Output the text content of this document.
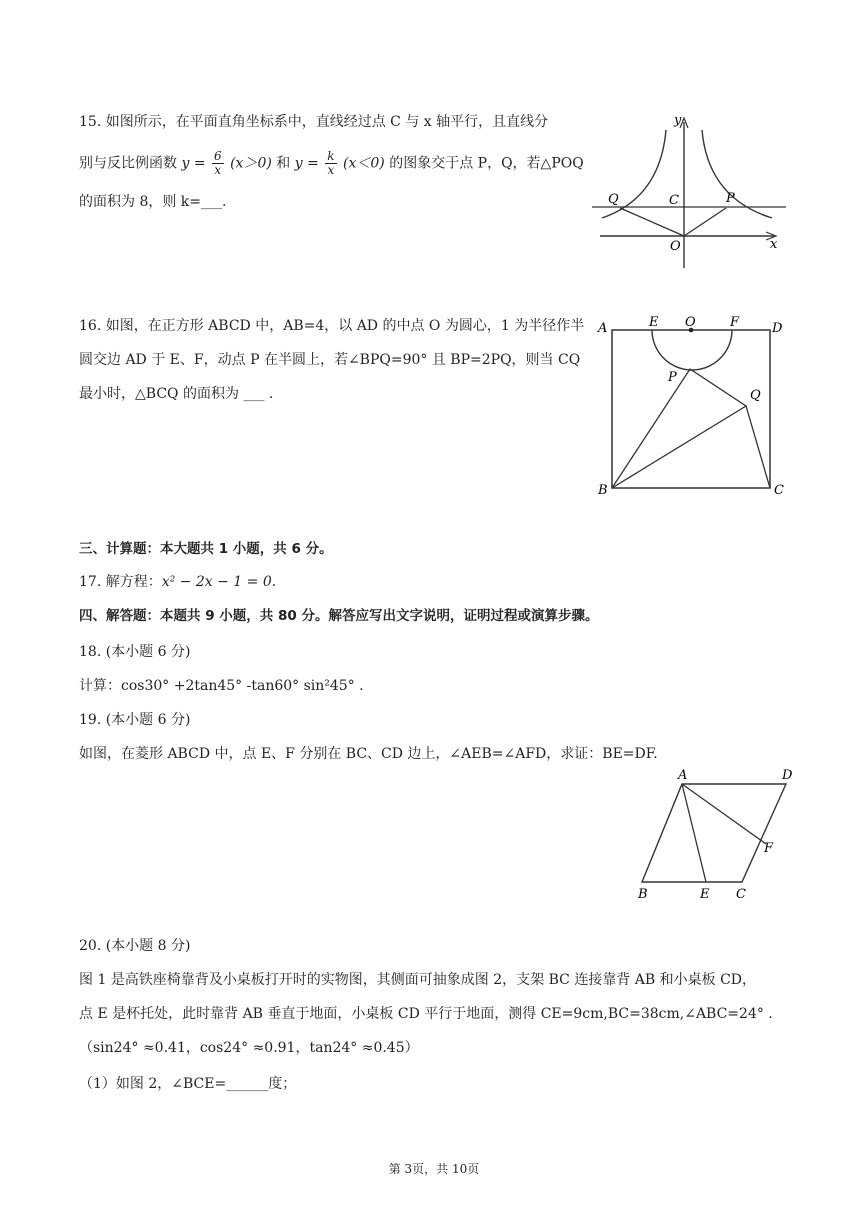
15. 如图所示，在平面直角坐标系中，直线经过点 C 与 x 轴平行，且直线分
别与反比例函数 $y = \frac{6}{x} (x>0)$ 和 $y = \frac{k}{x} (x<0)$ 的图象交于点 P，Q，若△POQ
的面积为 8，则 k=___.
y
x
Q	C	P
O
16. 如图，在正方形 ABCD 中，AB=4，以 AD 的中点 O 为圆心，1 为半径作半
圆交边 AD 于 E、F，动点 P 在半圆上，若∠BPQ=90° 且 BP=2PQ，则当 CQ
最小时，△BCQ 的面积为 ___ .
A	E O	F	D
P
Q
B	C
三、计算题：本大题共 1 小题，共 6 分。
17. 解方程：x² − 2x − 1 = 0.
四、解答题：本题共 9 小题，共 80 分。解答应写出文字说明，证明过程或演算步骤。
18. (本小题 6 分)
计算：cos30° +2tan45° -tan60° sin²45° .
19. (本小题 6 分)
如图，在菱形 ABCD 中，点 E、F 分别在 BC、CD 边上，∠AEB=∠AFD，求证：BE=DF.
A	D
F
B	E C
20. (本小题 8 分)
图 1 是高铁座椅靠背及小桌板打开时的实物图，其侧面可抽象成图 2，支架 BC 连接靠背 AB 和小桌板 CD，
点 E 是杯托处，此时靠背 AB 垂直于地面，小桌板 CD 平行于地面，测得 CE=9cm,BC=38cm,∠ABC=24° .
（sin24° ≈0.41，cos24° ≈0.91，tan24° ≈0.45）
（1）如图 2，∠BCE=______度；
第 3页，共 10页
